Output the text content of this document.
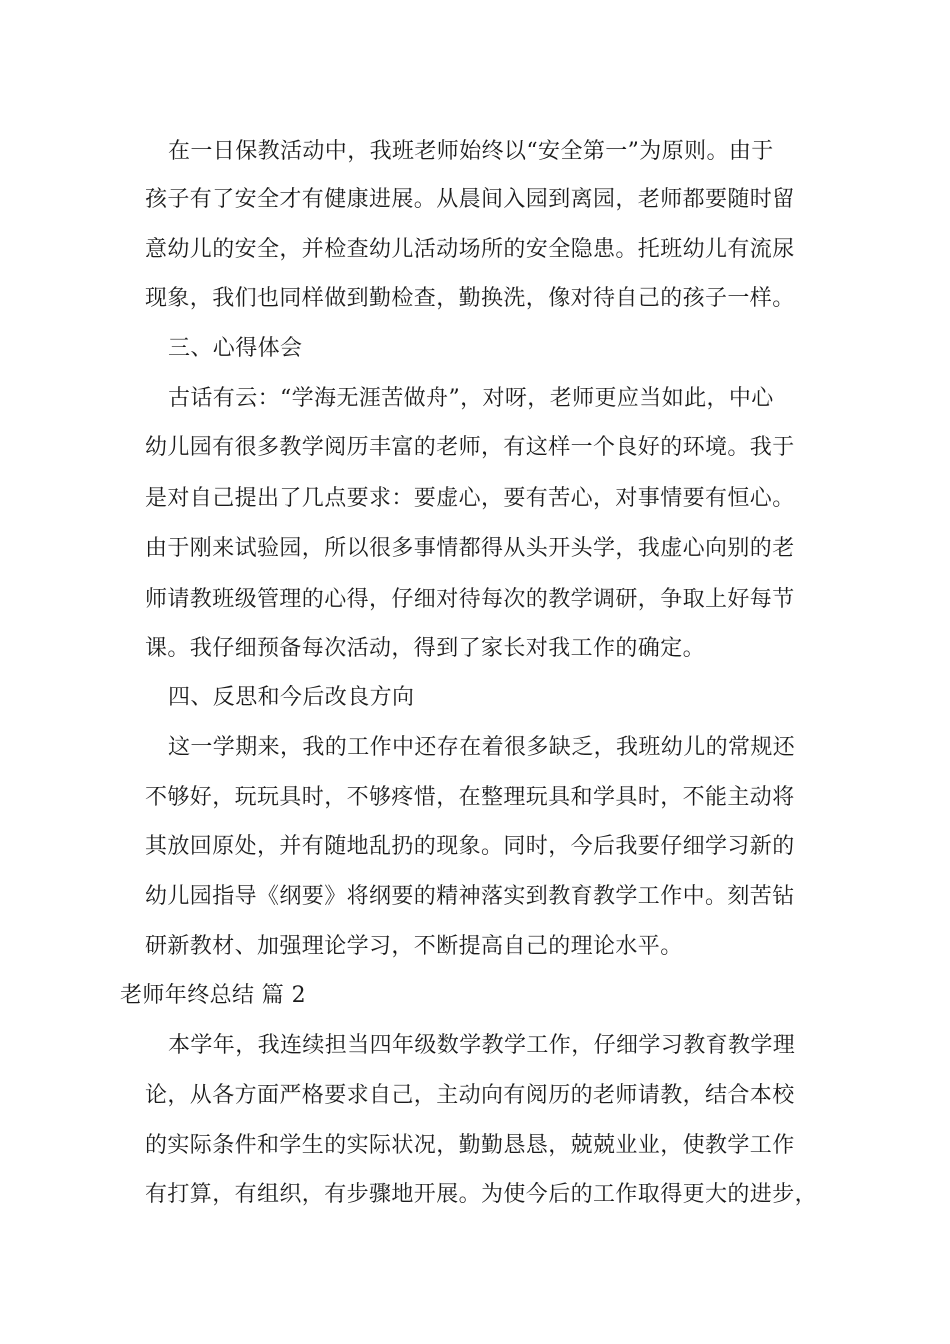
在一日保教活动中，我班老师始终以“安全第一”为原则。由于
孩子有了安全才有健康进展。从晨间入园到离园，老师都要随时留
意幼儿的安全，并检查幼儿活动场所的安全隐患。托班幼儿有流尿
现象，我们也同样做到勤检查，勤换洗，像对待自己的孩子一样。
三、心得体会
古话有云：“学海无涯苦做舟”，对呀，老师更应当如此，中心
幼儿园有很多教学阅历丰富的老师，有这样一个良好的环境。我于
是对自己提出了几点要求：要虚心，要有苦心，对事情要有恒心。
由于刚来试验园，所以很多事情都得从头开头学，我虚心向别的老
师请教班级管理的心得，仔细对待每次的教学调研，争取上好每节
课。我仔细预备每次活动，得到了家长对我工作的确定。
四、反思和今后改良方向
这一学期来，我的工作中还存在着很多缺乏，我班幼儿的常规还
不够好，玩玩具时，不够疼惜，在整理玩具和学具时，不能主动将
其放回原处，并有随地乱扔的现象。同时，今后我要仔细学习新的
幼儿园指导《纲要》将纲要的精神落实到教育教学工作中。刻苦钻
研新教材、加强理论学习，不断提高自己的理论水平。
老师年终总结 篇 2
本学年，我连续担当四年级数学教学工作，仔细学习教育教学理
论，从各方面严格要求自己，主动向有阅历的老师请教，结合本校
的实际条件和学生的实际状况，勤勤恳恳，兢兢业业，使教学工作
有打算，有组织，有步骤地开展。为使今后的工作取得更大的进步，
